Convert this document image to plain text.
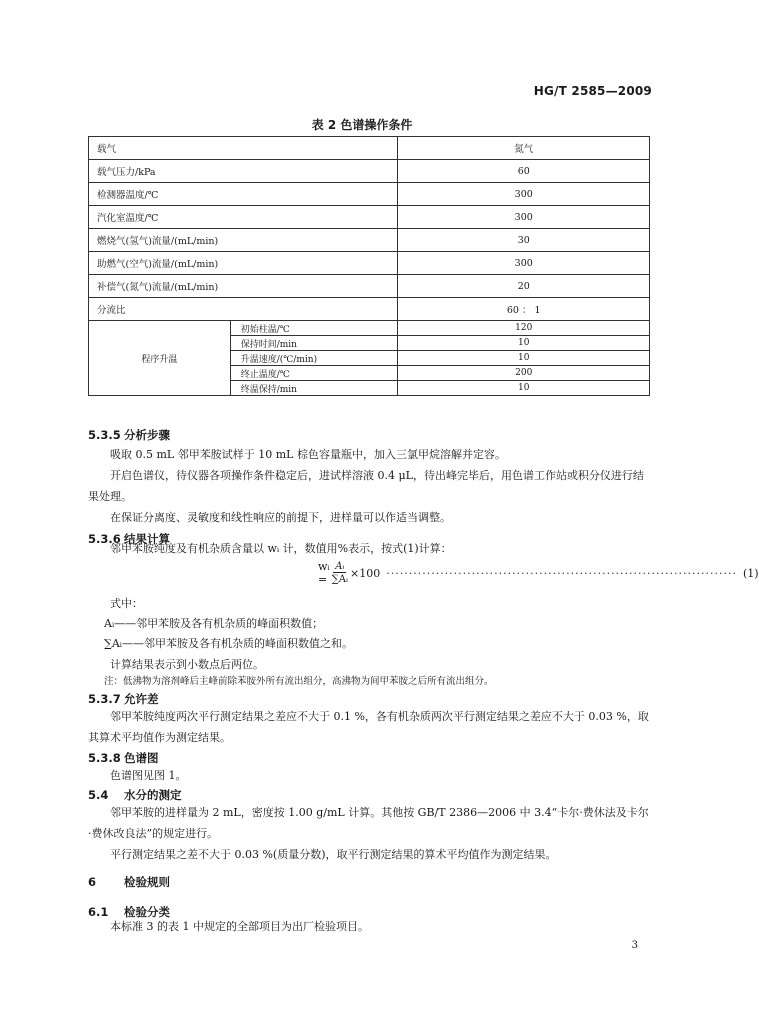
HG/T 2585—2009
表 2 色谱操作条件
载气		氮气
载气压力/kPa		60
检测器温度/℃		300
汽化室温度/℃		300
燃烧气(氢气)流量/(mL/min)		30
助燃气(空气)流量/(mL/min)		300
补偿气(氮气)流量/(mL/min)		20
分流比		60 ： 1
程序升温	初始柱温/℃	120
	保持时间/min	10
	升温速度/(℃/min)	10
	终止温度/℃	200
	终温保持/min	10
5.3.5 分析步骤
吸取 0.5 mL 邻甲苯胺试样于 10 mL 棕色容量瓶中，加入三氯甲烷溶解并定容。
开启色谱仪，待仪器各项操作条件稳定后，进试样溶液 0.4 μL，待出峰完毕后，用色谱工作站或积分仪进行结果处理。
在保证分离度、灵敏度和线性响应的前提下，进样量可以作适当调整。
5.3.6 结果计算
邻甲苯胺纯度及有机杂质含量以 wᵢ 计，数值用%表示，按式(1)计算：
wᵢ = $\frac{\text{Aᵢ}}{\text{∑Aᵢ}} \times 100$ ·············································································· (1)
式中：
Aᵢ——邻甲苯胺及各有机杂质的峰面积数值；
∑Aᵢ——邻甲苯胺及各有机杂质的峰面积数值之和。
计算结果表示到小数点后两位。
注：低沸物为溶剂峰后主峰前除苯胺外所有流出组分，高沸物为间甲苯胺之后所有流出组分。
5.3.7 允许差
邻甲苯胺纯度两次平行测定结果之差应不大于 0.1 %，各有机杂质两次平行测定结果之差应不大于 0.03 %，取其算术平均值作为测定结果。
5.3.8 色谱图
色谱图见图 1。
5.4 水分的测定
邻甲苯胺的进样量为 2 mL，密度按 1.00 g/mL 计算。其他按 GB/T 2386—2006 中 3.4“卡尔·费休法及卡尔·费休改良法”的规定进行。
平行测定结果之差不大于 0.03 %(质量分数)，取平行测定结果的算术平均值作为测定结果。
6 检验规则
6.1 检验分类
本标准 3 的表 1 中规定的全部项目为出厂检验项目。
3
